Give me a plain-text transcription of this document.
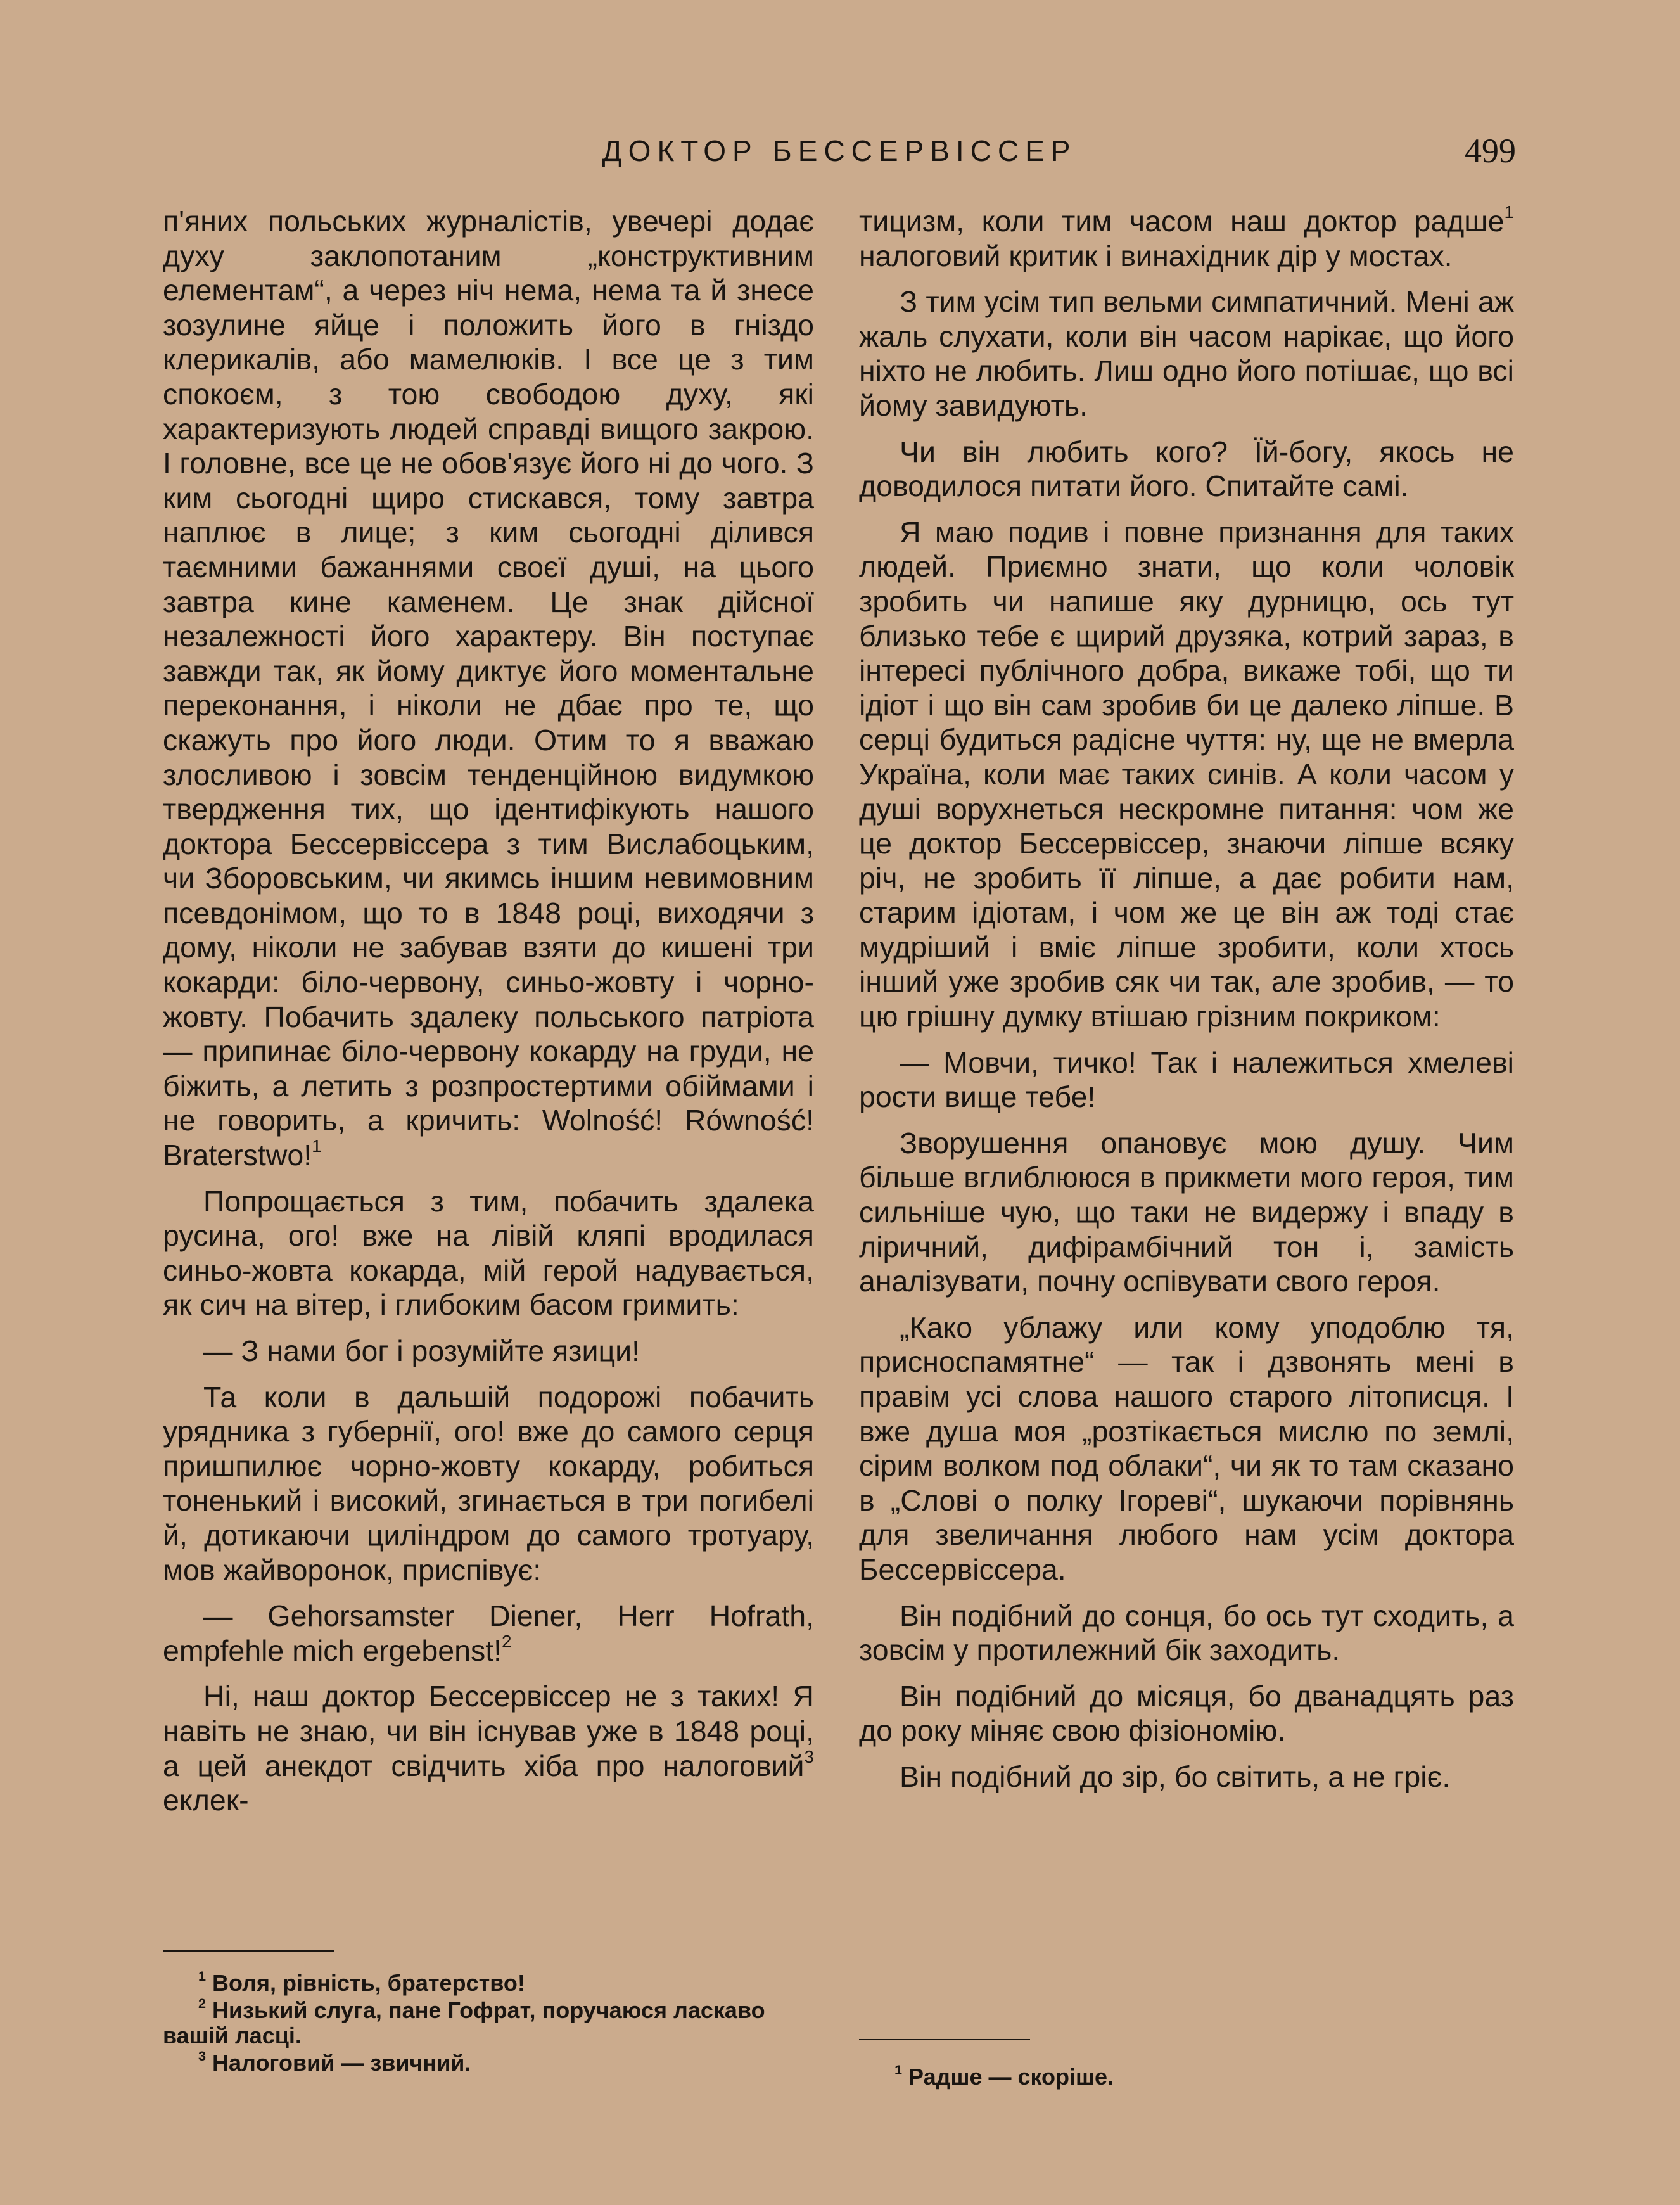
ДОКТОР БЕССЕРВІССЕР	499

п'яних польських журналістів, увечері додає духу заклопотаним „конструктивним елементам“, а через ніч нема, нема та й знесе зозулине яйце і положить його в гніздо клерикалів, або мамелюків. І все це з тим спокоєм, з тою свободою духу, які характеризують людей справді вищого закрою. І головне, все це не обов'язує його ні до чого. З ким сьогодні щиро стискався, тому завтра наплює в лице; з ким сьогодні ділився таємними бажаннями своєї душі, на цього завтра кине каменем. Це знак дійсної незалежності його характеру. Він поступає завжди так, як йому диктує його моментальне переконання, і ніколи не дбає про те, що скажуть про його люди. Отим то я вважаю злосливою і зовсім тенденційною видумкою твердження тих, що ідентифікують нашого доктора Бессервіссера з тим Вислабоцьким, чи Зборовським, чи якимсь іншим невимовним псевдонімом, що то в 1848 році, виходячи з дому, ніколи не забував взяти до кишені три кокарди: біло-червону, синьо-жовту і чорно-жовту. Побачить здалеку польського патріота — припинає біло-червону кокарду на груди, не біжить, а летить з розпростертими обіймами і не говорить, а кричить: Wolność! Równość! Braterstwo!$^1$

Попрощається з тим, побачить здалека русина, ого! вже на лівій кляпі вродилася синьо-жовта кокарда, мій герой надувається, як сич на вітер, і глибоким басом гримить:

— З нами бог і розумійте язици!

Та коли в дальшій подорожі побачить урядника з губернії, ого! вже до самого серця пришпилює чорно-жовту кокарду, робиться тоненький і високий, згинається в три погибелі й, дотикаючи циліндром до самого тротуару, мов жайворонок, приспівує:

— Gehorsamster Diener, Herr Hofrath, empfehle mich ergebenst!$^2$

Ні, наш доктор Бессервіссер не з таких! Я навіть не знаю, чи він існував уже в 1848 році, а цей анекдот свідчить хіба про налоговий$^3$ еклек-

тицизм, коли тим часом наш доктор радше$^1$ налоговий критик і винахідник дір у мостах.

З тим усім тип вельми симпатичний. Мені аж жаль слухати, коли він часом нарікає, що його ніхто не любить. Лиш одно його потішає, що всі йому завидують.

Чи він любить кого? Їй-богу, якось не доводилося питати його. Спитайте самі.

Я маю подив і повне признання для таких людей. Приємно знати, що коли чоловік зробить чи напише яку дурницю, ось тут близько тебе є щирий друзяка, котрий зараз, в інтересі публічного добра, викаже тобі, що ти ідіот і що він сам зробив би це далеко ліпше. В серці будиться радісне чуття: ну, ще не вмерла Україна, коли має таких синів. А коли часом у душі ворухнеться нескромне питання: чом же це доктор Бессервіссер, знаючи ліпше всяку річ, не зробить її ліпше, а дає робити нам, старим ідіотам, і чом же це він аж тоді стає мудріший і вміє ліпше зробити, коли хтось інший уже зробив сяк чи так, але зробив, — то цю грішну думку втішаю грізним покриком:

— Мовчи, тичко! Так і належиться хмелеві рости вище тебе!

Зворушення опановує мою душу. Чим більше вглиблююся в прикмети мого героя, тим сильніше чую, що таки не видержу і впаду в ліричний, дифірамбічний тон і, замість аналізувати, почну оспівувати свого героя.

„Како ублажу или кому уподоблю тя, присноспамятне“ — так і дзвонять мені в правім усі слова нашого старого літописця. І вже душа моя „розтікається мислю по землі, сірим волком под облаки“, чи як то там сказано в „Слові о полку Ігореві“, шукаючи порівнянь для звеличання любого нам усім доктора Бессервіссера.

Він подібний до сонця, бо ось тут сходить, а зовсім у протилежний бік заходить.

Він подібний до місяця, бо дванадцять раз до року міняє свою фізіономію.

Він подібний до зір, бо світить, а не гріє.

$^1$ Воля, рівність, братерство!

$^2$ Низький слуга, пане Гофрат, поручаюся ласкаво вашій ласці.

$^3$ Налоговий — звичний.	$^1$ Радше — скоріше.
